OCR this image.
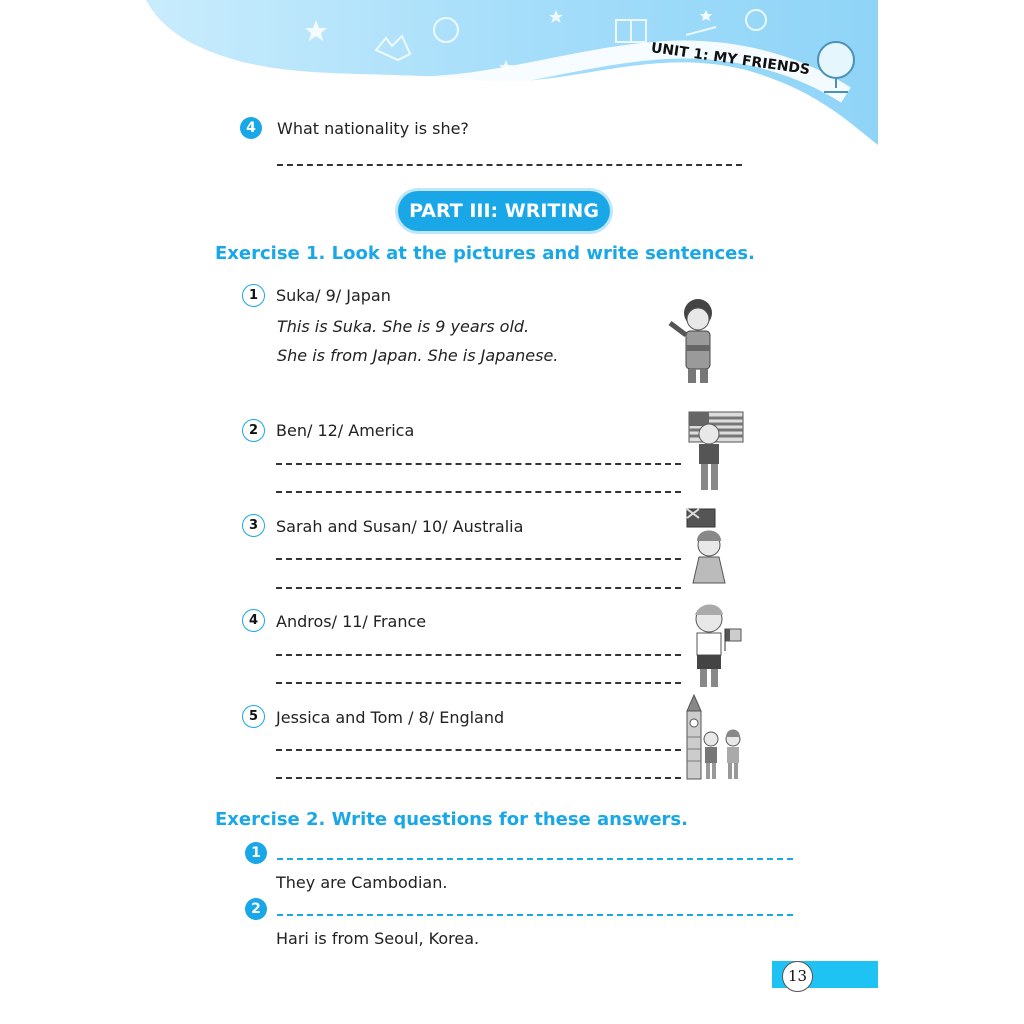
UNIT 1: MY FRIENDS
4	What nationality is she?
PART III: WRITING
Exercise 1. Look at the pictures and write sentences.
1	Suka/ 9/ Japan
This is Suka. She is 9 years old.
She is from Japan. She is Japanese.
2	Ben/ 12/ America
3	Sarah and Susan/ 10/ Australia
4	Andros/ 11/ France
5	Jessica and Tom / 8/ England
Exercise 2. Write questions for these answers.
1
They are Cambodian.
2
Hari is from Seoul, Korea.
13
